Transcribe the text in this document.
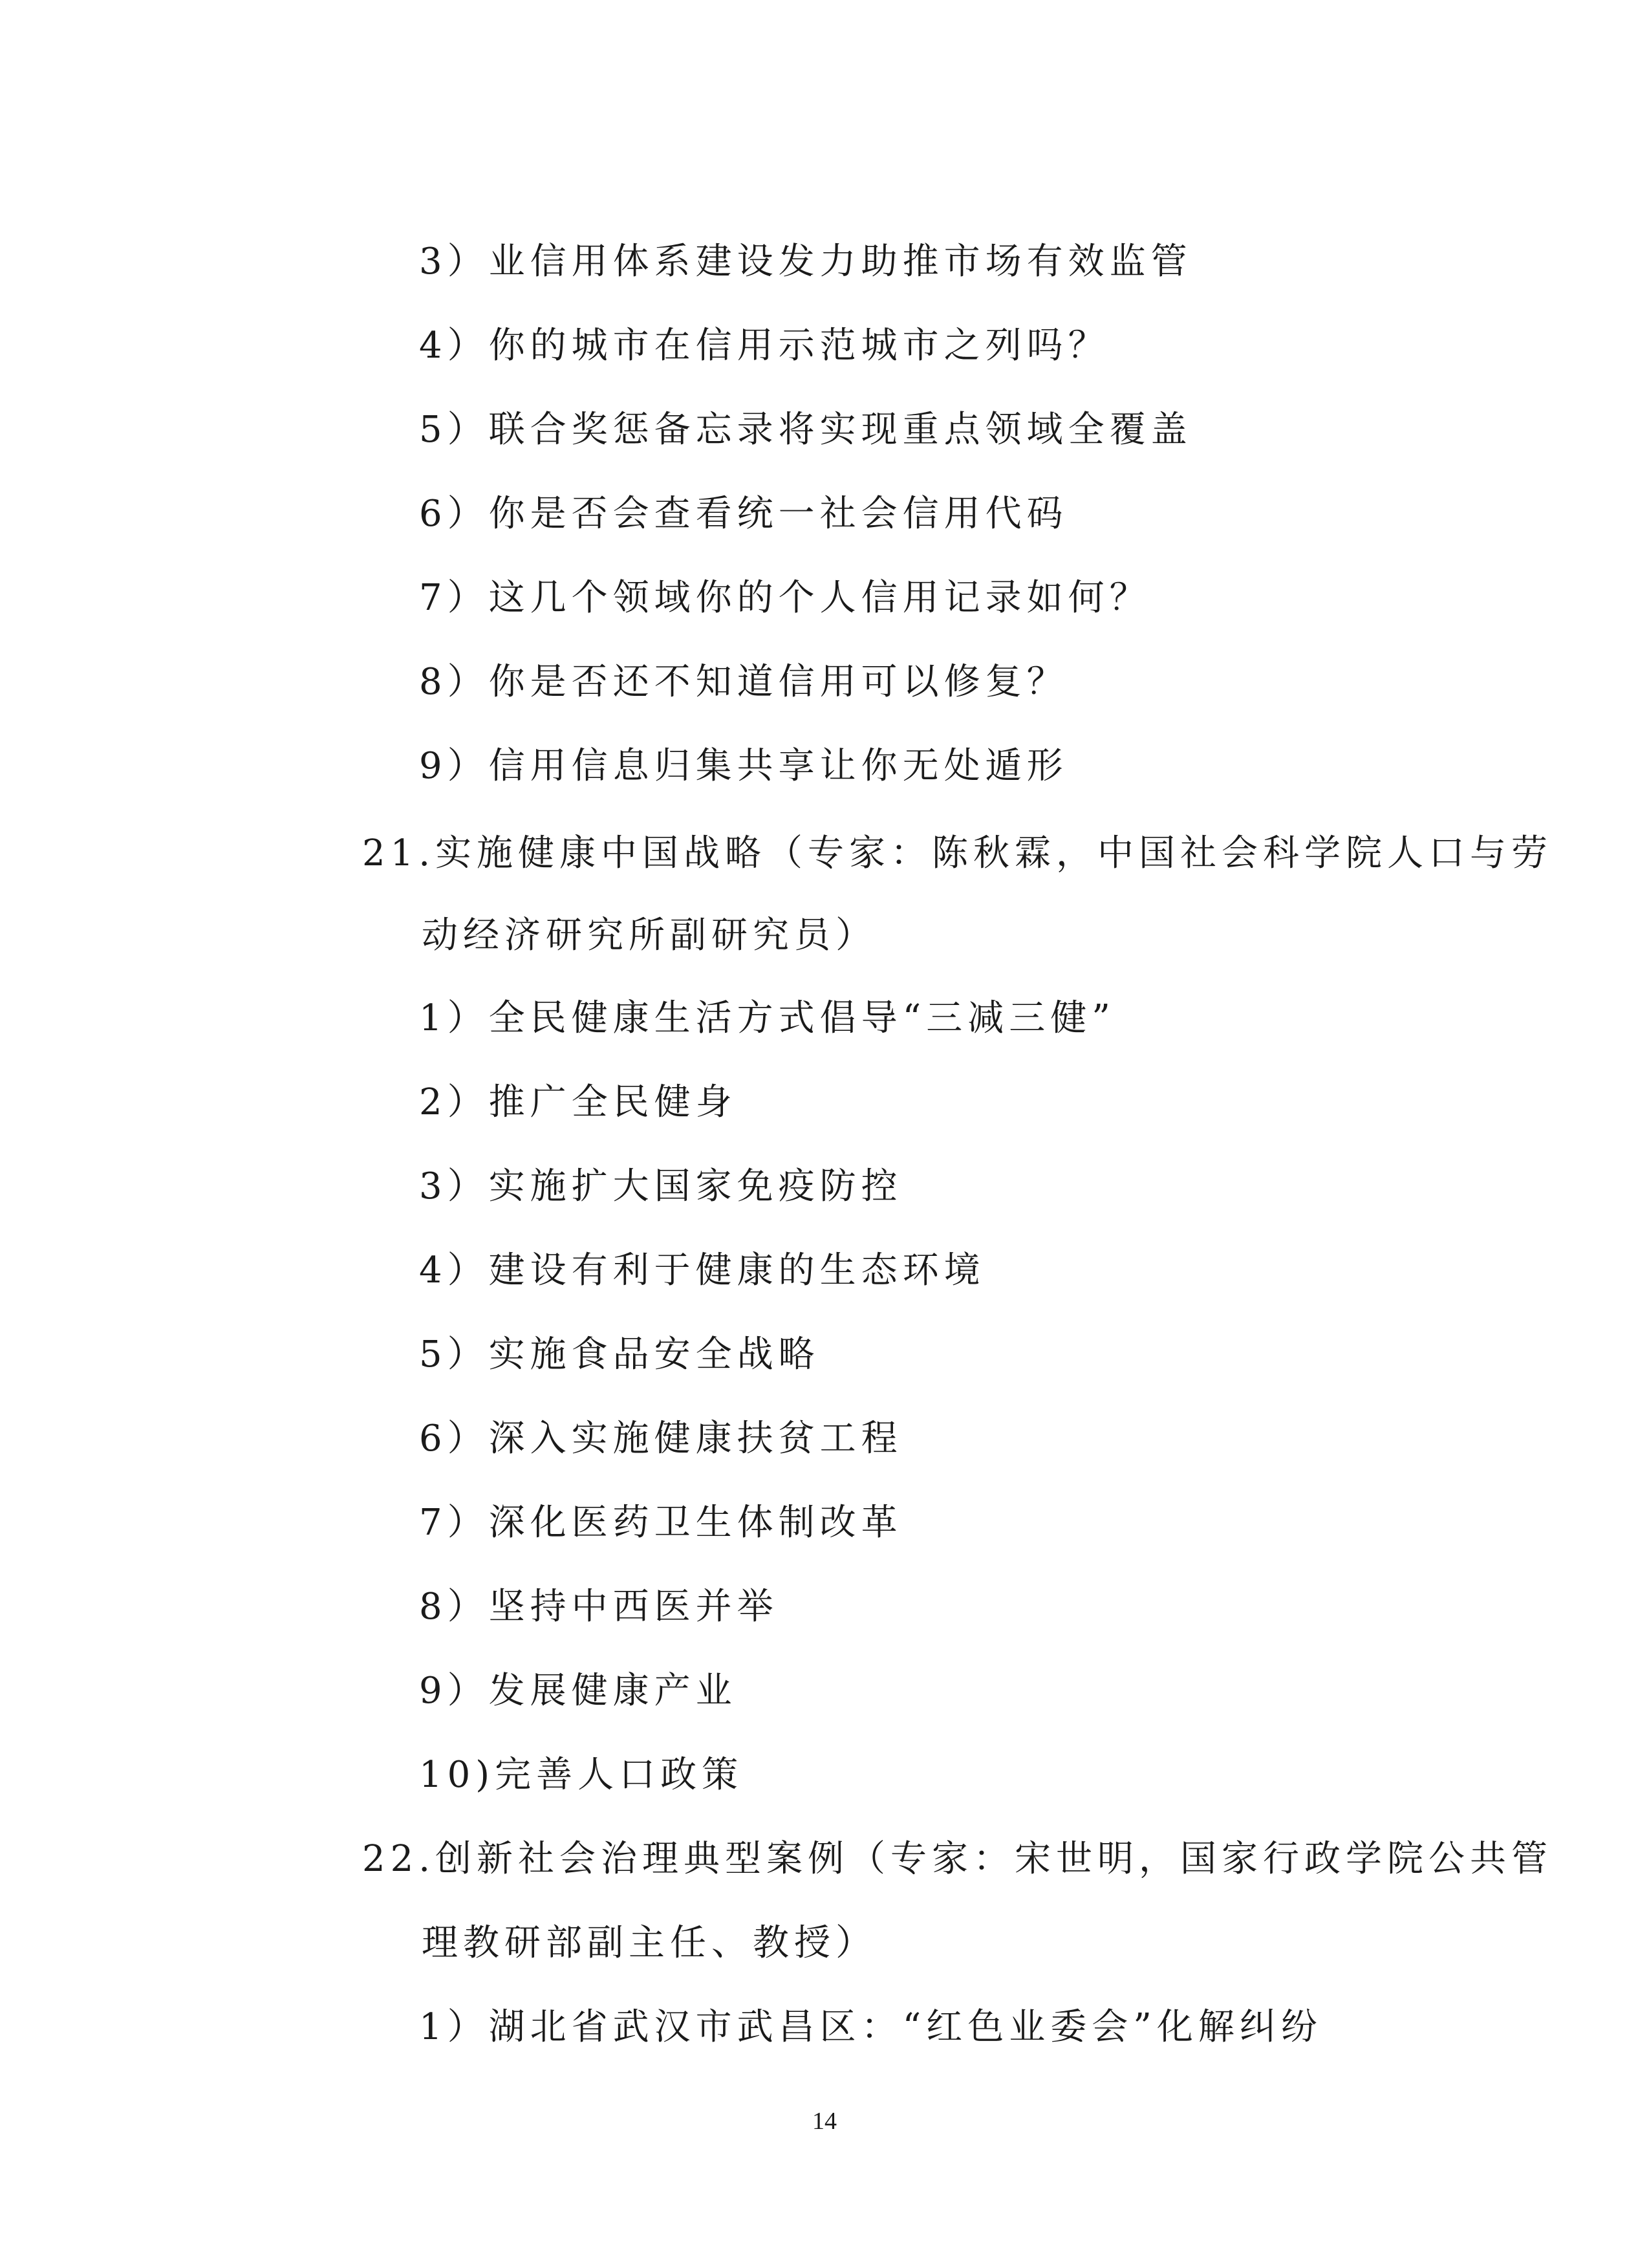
3）业信用体系建设发力助推市场有效监管
4）你的城市在信用示范城市之列吗？
5）联合奖惩备忘录将实现重点领域全覆盖
6）你是否会查看统一社会信用代码
7）这几个领域你的个人信用记录如何？
8）你是否还不知道信用可以修复？
9）信用信息归集共享让你无处遁形
21.实施健康中国战略（专家：陈秋霖，中国社会科学院人口与劳
动经济研究所副研究员）
1）全民健康生活方式倡导“三减三健”
2）推广全民健身
3）实施扩大国家免疫防控
4）建设有利于健康的生态环境
5）实施食品安全战略
6）深入实施健康扶贫工程
7）深化医药卫生体制改革
8）坚持中西医并举
9）发展健康产业
10)完善人口政策
22.创新社会治理典型案例（专家：宋世明，国家行政学院公共管
理教研部副主任、教授）
1）湖北省武汉市武昌区：“红色业委会”化解纠纷
14
